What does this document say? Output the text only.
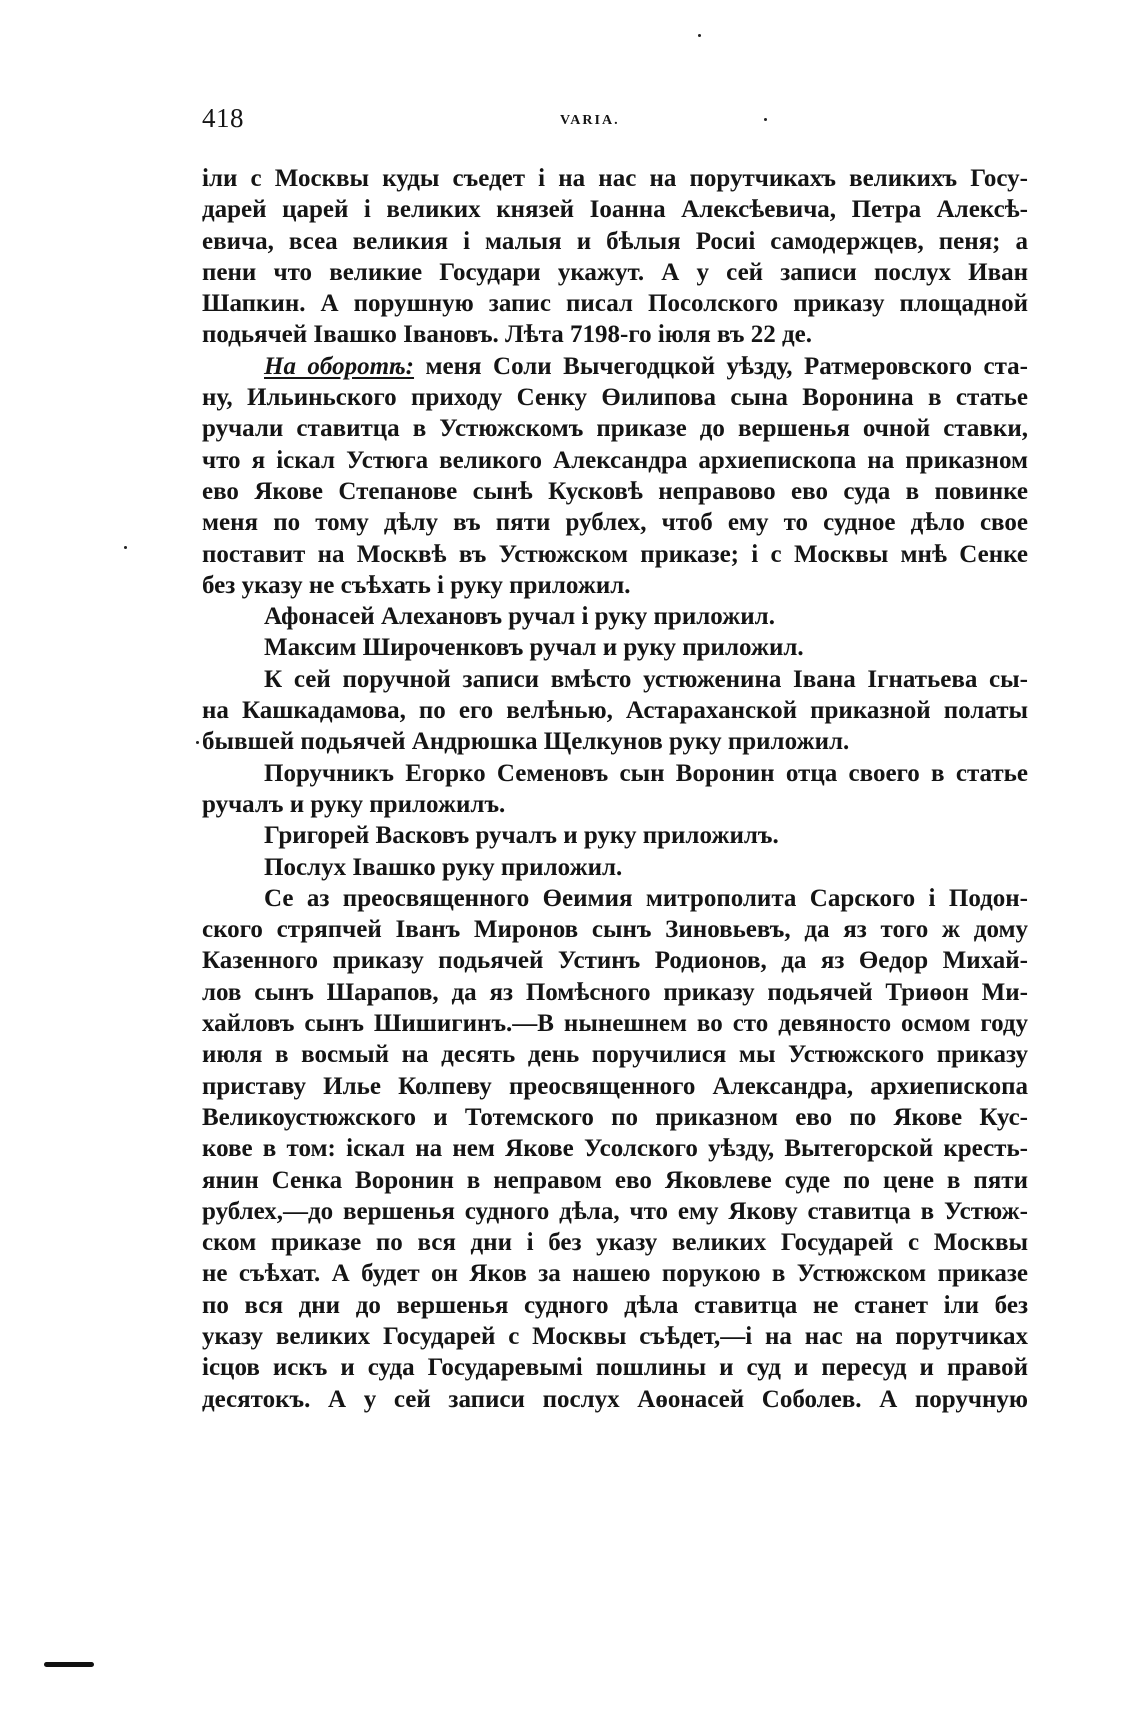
418	VARIA.
іли с Москвы куды съедет і на нас на порутчикахъ великихъ Госу-
дарей царей і великих князей Іоанна Алексѣевича, Петра Алексѣ-
евича, всеа великия і малыя и бѣлыя Росиі самодержцев, пеня; а
пени что великие Государи укажут. А у сей записи послух Иван
Шапкин. А порушную запис писал Посолского приказу площадной
подьячей Івашко Івановъ. Лѣта 7198-го іюля въ 22 де.
На оборотѣ: меня Соли Вычегодцкой уѣзду, Ратмеровского ста-
ну, Ильиньского приходу Сенку Өилипова сына Воронина в статье
ручали ставитца в Устюжскомъ приказе до вершенья очной ставки,
что я іскал Устюга великого Александра архиепископа на приказном
ево Якове Степанове сынѣ Кусковѣ неправово ево суда в повинке
меня по тому дѣлу въ пяти рублех, чтоб ему то судное дѣло свое
поставит на Москвѣ въ Устюжском приказе; і с Москвы мнѣ Сенке
без указу не съѣхать і руку приложил.
Афонасей Алехановъ ручал і руку приложил.
Максим Широченковъ ручал и руку приложил.
К сей поручной записи вмѣсто устюженина Івана Ігнатьева сы-
на Кашкадамова, по его велѣнью, Астараханской приказной полаты
бывшей подьячей Андрюшка Щелкунов руку приложил.
Поручникъ Егорко Семеновъ сын Воронин отца своего в статье
ручалъ и руку приложилъ.
Григорей Васковъ ручалъ и руку приложилъ.
Послух Івашко руку приложил.
Се аз преосвященного Өеимия митрополита Сарского і Подон-
ского стряпчей Іванъ Миронов сынъ Зиновьевъ, да яз того ж дому
Казенного приказу подьячей Устинъ Родионов, да яз Өедор Михай-
лов сынъ Шарапов, да яз Помѣсного приказу подьячей Триөон Ми-
хайловъ сынъ Шишигинъ.—В нынешнем во сто девяносто осмом году
июля в восмый на десять день поручилися мы Устюжского приказу
приставу Илье Колпеву преосвященного Александра, архиепископа
Великоустюжского и Тотемского по приказном ево по Якове Кус-
кове в том: іскал на нем Якове Усолского уѣзду, Вытегорской кресть-
янин Сенка Воронин в неправом ево Яковлеве суде по цене в пяти
рублех,—до вершенья судного дѣла, что ему Якову ставитца в Устюж-
ском приказе по вся дни і без указу великих Государей с Москвы
не съѣхат. А будет он Яков за нашею порукою в Устюжском приказе
по вся дни до вершенья судного дѣла ставитца не станет іли без
указу великих Государей с Москвы съѣдет,—і на нас на порутчиках
ісцов искъ и суда Государевымі пошлины и суд и пересуд и правой
десятокъ. А у сей записи послух Аөонасей Соболев. А поручную
